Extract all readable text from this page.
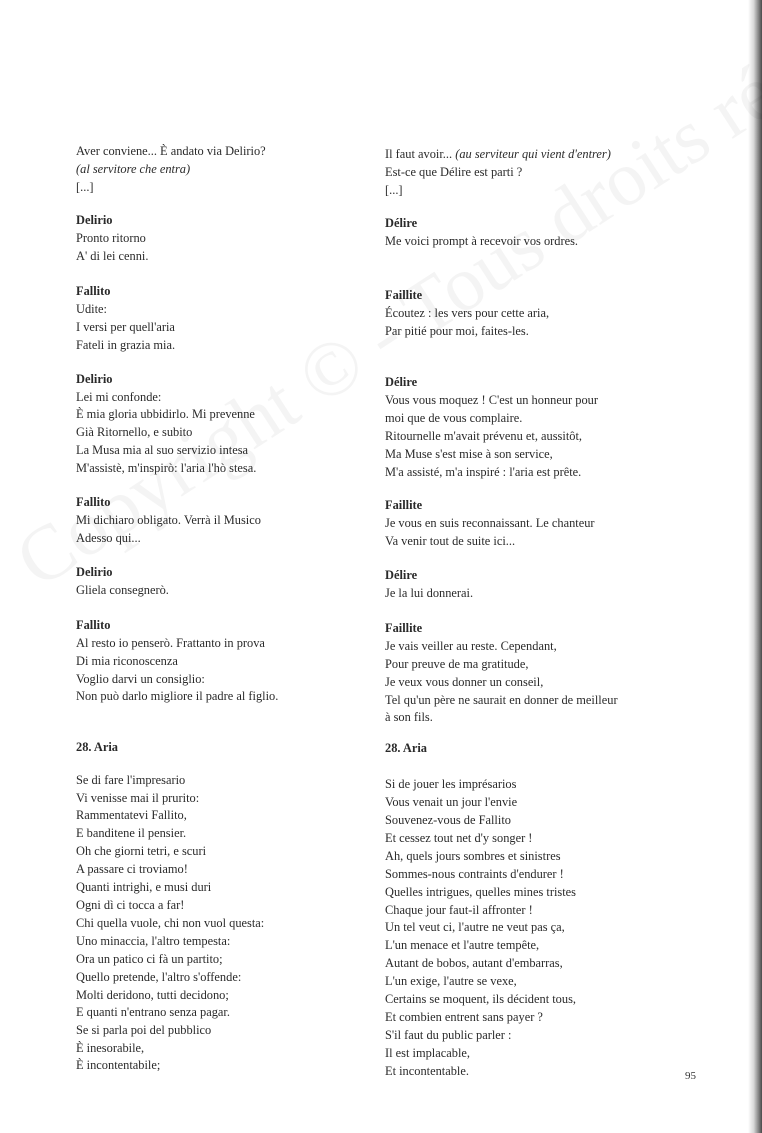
Aver conviene... È andato via Delirio?
(al servitore che entra)
[...]
Delirio
Pronto ritorno
A' di lei cenni.
Fallito
Udite:
I versi per quell'aria
Fateli in grazia mia.
Delirio
Lei mi confonde:
È mia gloria ubbidirlo. Mi prevenne
Già Ritornello, e subito
La Musa mia al suo servizio intesa
M'assistè, m'inspirò: l'aria l'hò stesa.
Fallito
Mi dichiaro obligato. Verrà il Musico
Adesso qui...
Delirio
Gliela consegnerò.
Fallito
Al resto io penserò. Frattanto in prova
Di mia riconoscenza
Voglio darvi un consiglio:
Non può darlo migliore il padre al figlio.
28. Aria
Se di fare l'impresario
Vi venisse mai il prurito:
Rammentatevi Fallito,
E banditene il pensier.
Oh che giorni tetri, e scuri
A passare ci troviamo!
Quanti intrighi, e musi duri
Ogni dì ci tocca a far!
Chi quella vuole, chi non vuol questa:
Uno minaccia, l'altro tempesta:
Ora un patico ci fà un partito;
Quello pretende, l'altro s'offende:
Molti deridono, tutti decidono;
E quanti n'entrano senza pagar.
Se si parla poi del pubblico
È inesorabile,
È incontentabile;
Il faut avoir... (au serviteur qui vient d'entrer)
Est-ce que Délire est parti ?
[...]
Délire
Me voici prompt à recevoir vos ordres.
Faillite
Écoutez : les vers pour cette aria,
Par pitié pour moi, faites-les.
Délire
Vous vous moquez ! C'est un honneur pour
moi que de vous complaire.
Ritournelle m'avait prévenu et, aussitôt,
Ma Muse s'est mise à son service,
M'a assisté, m'a inspiré : l'aria est prête.
Faillite
Je vous en suis reconnaissant. Le chanteur
Va venir tout de suite ici...
Délire
Je la lui donnerai.
Faillite
Je vais veiller au reste. Cependant,
Pour preuve de ma gratitude,
Je veux vous donner un conseil,
Tel qu'un père ne saurait en donner de meilleur
à son fils.
28. Aria
Si de jouer les imprésarios
Vous venait un jour l'envie
Souvenez-vous de Fallito
Et cessez tout net d'y songer !
Ah, quels jours sombres et sinistres
Sommes-nous contraints d'endurer !
Quelles intrigues, quelles mines tristes
Chaque jour faut-il affronter !
Un tel veut ci, l'autre ne veut pas ça,
L'un menace et l'autre tempête,
Autant de bobos, autant d'embarras,
L'un exige, l'autre se vexe,
Certains se moquent, ils décident tous,
Et combien entrent sans payer ?
S'il faut du public parler :
Il est implacable,
Et incontentable.	95
